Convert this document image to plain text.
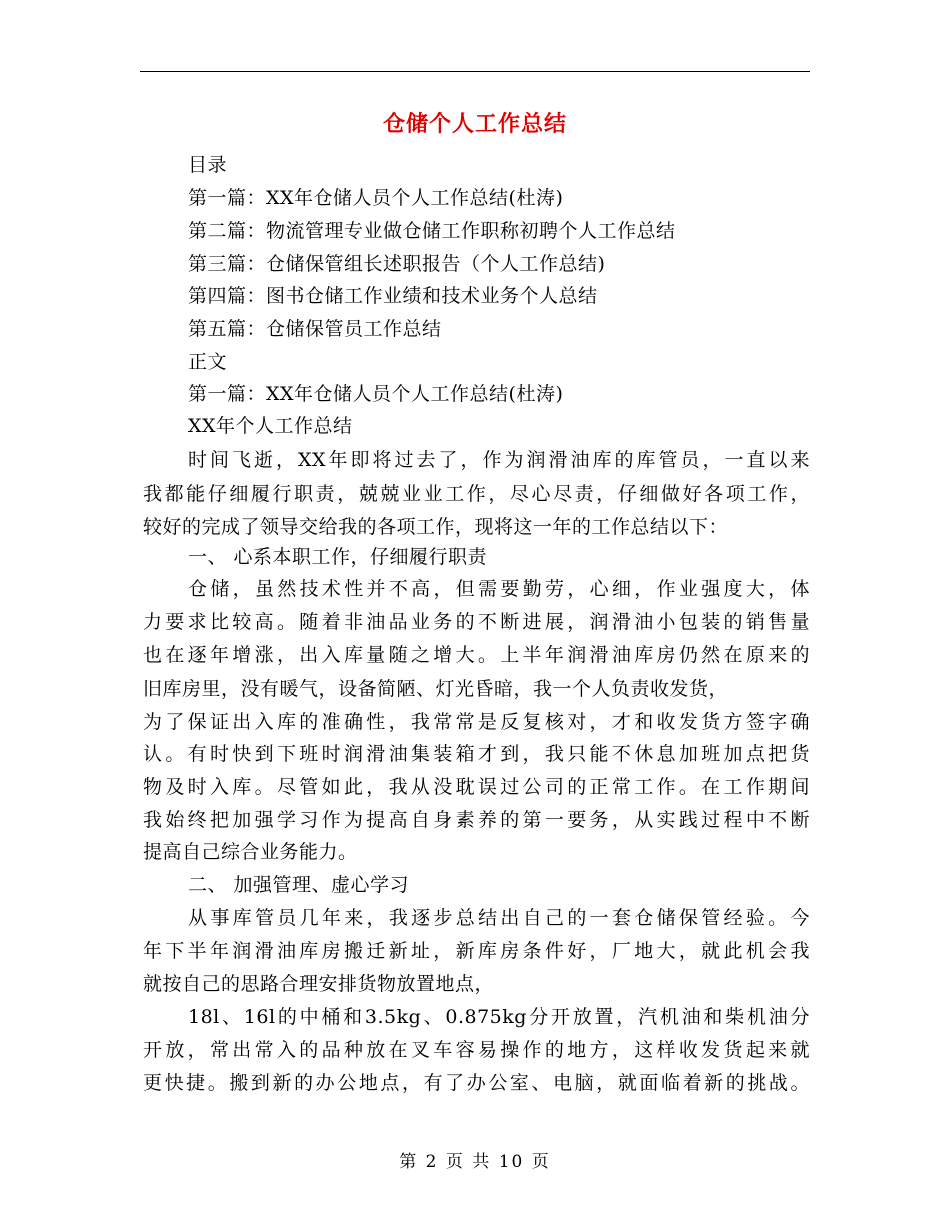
仓储个人工作总结
目录
第一篇：XX年仓储人员个人工作总结(杜涛)
第二篇：物流管理专业做仓储工作职称初聘个人工作总结
第三篇：仓储保管组长述职报告（个人工作总结)
第四篇：图书仓储工作业绩和技术业务个人总结
第五篇：仓储保管员工作总结
正文
第一篇：XX年仓储人员个人工作总结(杜涛)
XX年个人工作总结
时间飞逝，XX年即将过去了，作为润滑油库的库管员，一直以来
我都能仔细履行职责，兢兢业业工作，尽心尽责，仔细做好各项工作，
较好的完成了领导交给我的各项工作，现将这一年的工作总结以下：
一、 心系本职工作，仔细履行职责
仓储，虽然技术性并不高，但需要勤劳，心细，作业强度大，体
力要求比较高。随着非油品业务的不断进展，润滑油小包装的销售量
也在逐年增涨，出入库量随之增大。上半年润滑油库房仍然在原来的
旧库房里，没有暖气，设备简陋、灯光昏暗，我一个人负责收发货，
为了保证出入库的准确性，我常常是反复核对，才和收发货方签字确
认。有时快到下班时润滑油集装箱才到，我只能不休息加班加点把货
物及时入库。尽管如此，我从没耽误过公司的正常工作。在工作期间
我始终把加强学习作为提高自身素养的第一要务，从实践过程中不断
提高自己综合业务能力。
二、 加强管理、虚心学习
从事库管员几年来，我逐步总结出自己的一套仓储保管经验。今
年下半年润滑油库房搬迁新址，新库房条件好，厂地大，就此机会我
就按自己的思路合理安排货物放置地点，
18l、16l的中桶和3.5kg、0.875kg分开放置，汽机油和柴机油分
开放，常出常入的品种放在叉车容易操作的地方，这样收发货起来就
更快捷。搬到新的办公地点，有了办公室、电脑，就面临着新的挑战。
第 2 页 共 10 页
